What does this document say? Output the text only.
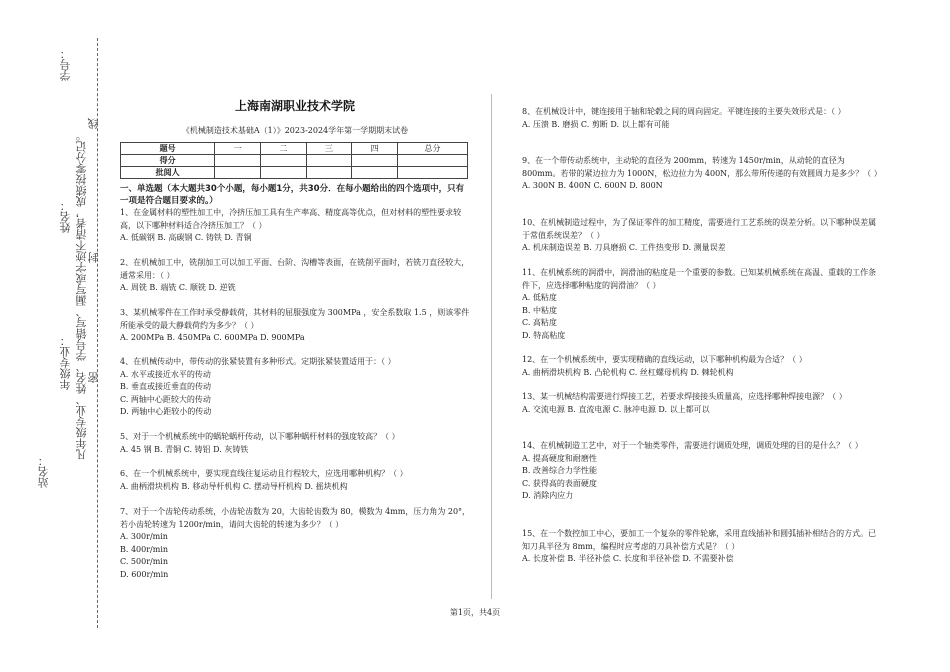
学号：
姓名：
年级专业： 凡年级专业、姓名、学号错写、漏写或字迹不清者，成绩按零分记。
线
封
密
站名：
上海南湖职业技术学院
《机械制造技术基础A（1）》2023-2024学年第一学期期末试卷
题号	一	二	三	四	总分
得分					
批阅人					
一、单选题（本大题共30个小题，每小题1分，共30分．在每小题给出的四个选项中，只有一项是符合题目要求的。）

1、在金属材料的塑性加工中，冷挤压加工具有生产率高、精度高等优点，但对材料的塑性要求较高，以下哪种材料适合冷挤压加工？（ ）

A. 低碳钢 B. 高碳钢 C. 铸铁 D. 青铜

2、在机械加工中，铣削加工可以加工平面、台阶、沟槽等表面，在铣削平面时，若铣刀直径较大，通常采用：（ ）

A. 周铣 B. 端铣 C. 顺铣 D. 逆铣

3、某机械零件在工作时承受静载荷，其材料的屈服强度为 300MPa ，安全系数取 1.5 ，则该零件所能承受的最大静载荷约为多少？（ ）

A. 200MPa B. 450MPa C. 600MPa D. 900MPa

4、在机械传动中，带传动的张紧装置有多种形式。定期张紧装置适用于：（ ）

A. 水平或接近水平的传动

B. 垂直或接近垂直的传动

C. 两轴中心距较大的传动

D. 两轴中心距较小的传动

5、对于一个机械系统中的蜗轮蜗杆传动，以下哪种蜗杆材料的强度较高？（ ）

A. 45 钢 B. 青铜 C. 铸铝 D. 灰铸铁

6、在一个机械系统中，要实现直线往复运动且行程较大，应选用哪种机构？（ ）

A. 曲柄滑块机构 B. 移动导杆机构 C. 摆动导杆机构 D. 摇块机构

7、对于一个齿轮传动系统，小齿轮齿数为 20，大齿轮齿数为 80，模数为 4mm，压力角为 20°，若小齿轮转速为 1200r/min，请问大齿轮的转速为多少？（ ）

A. 300r/min

B. 400r/min

C. 500r/min

D. 600r/min

8、在机械设计中，键连接用于轴和轮毂之间的周向固定。平键连接的主要失效形式是：（ ）

A. 压溃 B. 磨损 C. 剪断 D. 以上都有可能

9、在一个带传动系统中，主动轮的直径为 200mm，转速为 1450r/min，从动轮的直径为 800mm。若带的紧边拉力为 1000N，松边拉力为 400N，那么带所传递的有效圆周力是多少？（ ）

A. 300N B. 400N C. 600N D. 800N

10、在机械制造过程中，为了保证零件的加工精度，需要进行工艺系统的误差分析。以下哪种误差属于常值系统误差？（ ）

A. 机床制造误差 B. 刀具磨损 C. 工件热变形 D. 测量误差

11、在机械系统的润滑中，润滑油的粘度是一个重要的参数。已知某机械系统在高温、重载的工作条件下，应选择哪种粘度的润滑油？（ ）

A. 低粘度

B. 中粘度

C. 高粘度

D. 特高粘度

12、在一个机械系统中，要实现精确的直线运动，以下哪种机构最为合适？（ ）

A. 曲柄滑块机构 B. 凸轮机构 C. 丝杠螺母机构 D. 棘轮机构

13、某一机械结构需要进行焊接工艺，若要求焊接接头质量高，应选择哪种焊接电源？（ ）

A. 交流电源 B. 直流电源 C. 脉冲电源 D. 以上都可以

14、在机械制造工艺中，对于一个轴类零件，需要进行调质处理，调质处理的目的是什么？（ ）

A. 提高硬度和耐磨性

B. 改善综合力学性能

C. 获得高的表面硬度

D. 消除内应力

15、在一个数控加工中心，要加工一个复杂的零件轮廓，采用直线插补和圆弧插补相结合的方式。已知刀具半径为 8mm，编程时应考虑的刀具补偿方式是？（ ）

A. 长度补偿 B. 半径补偿 C. 长度和半径补偿 D. 不需要补偿

第1页，共4页
